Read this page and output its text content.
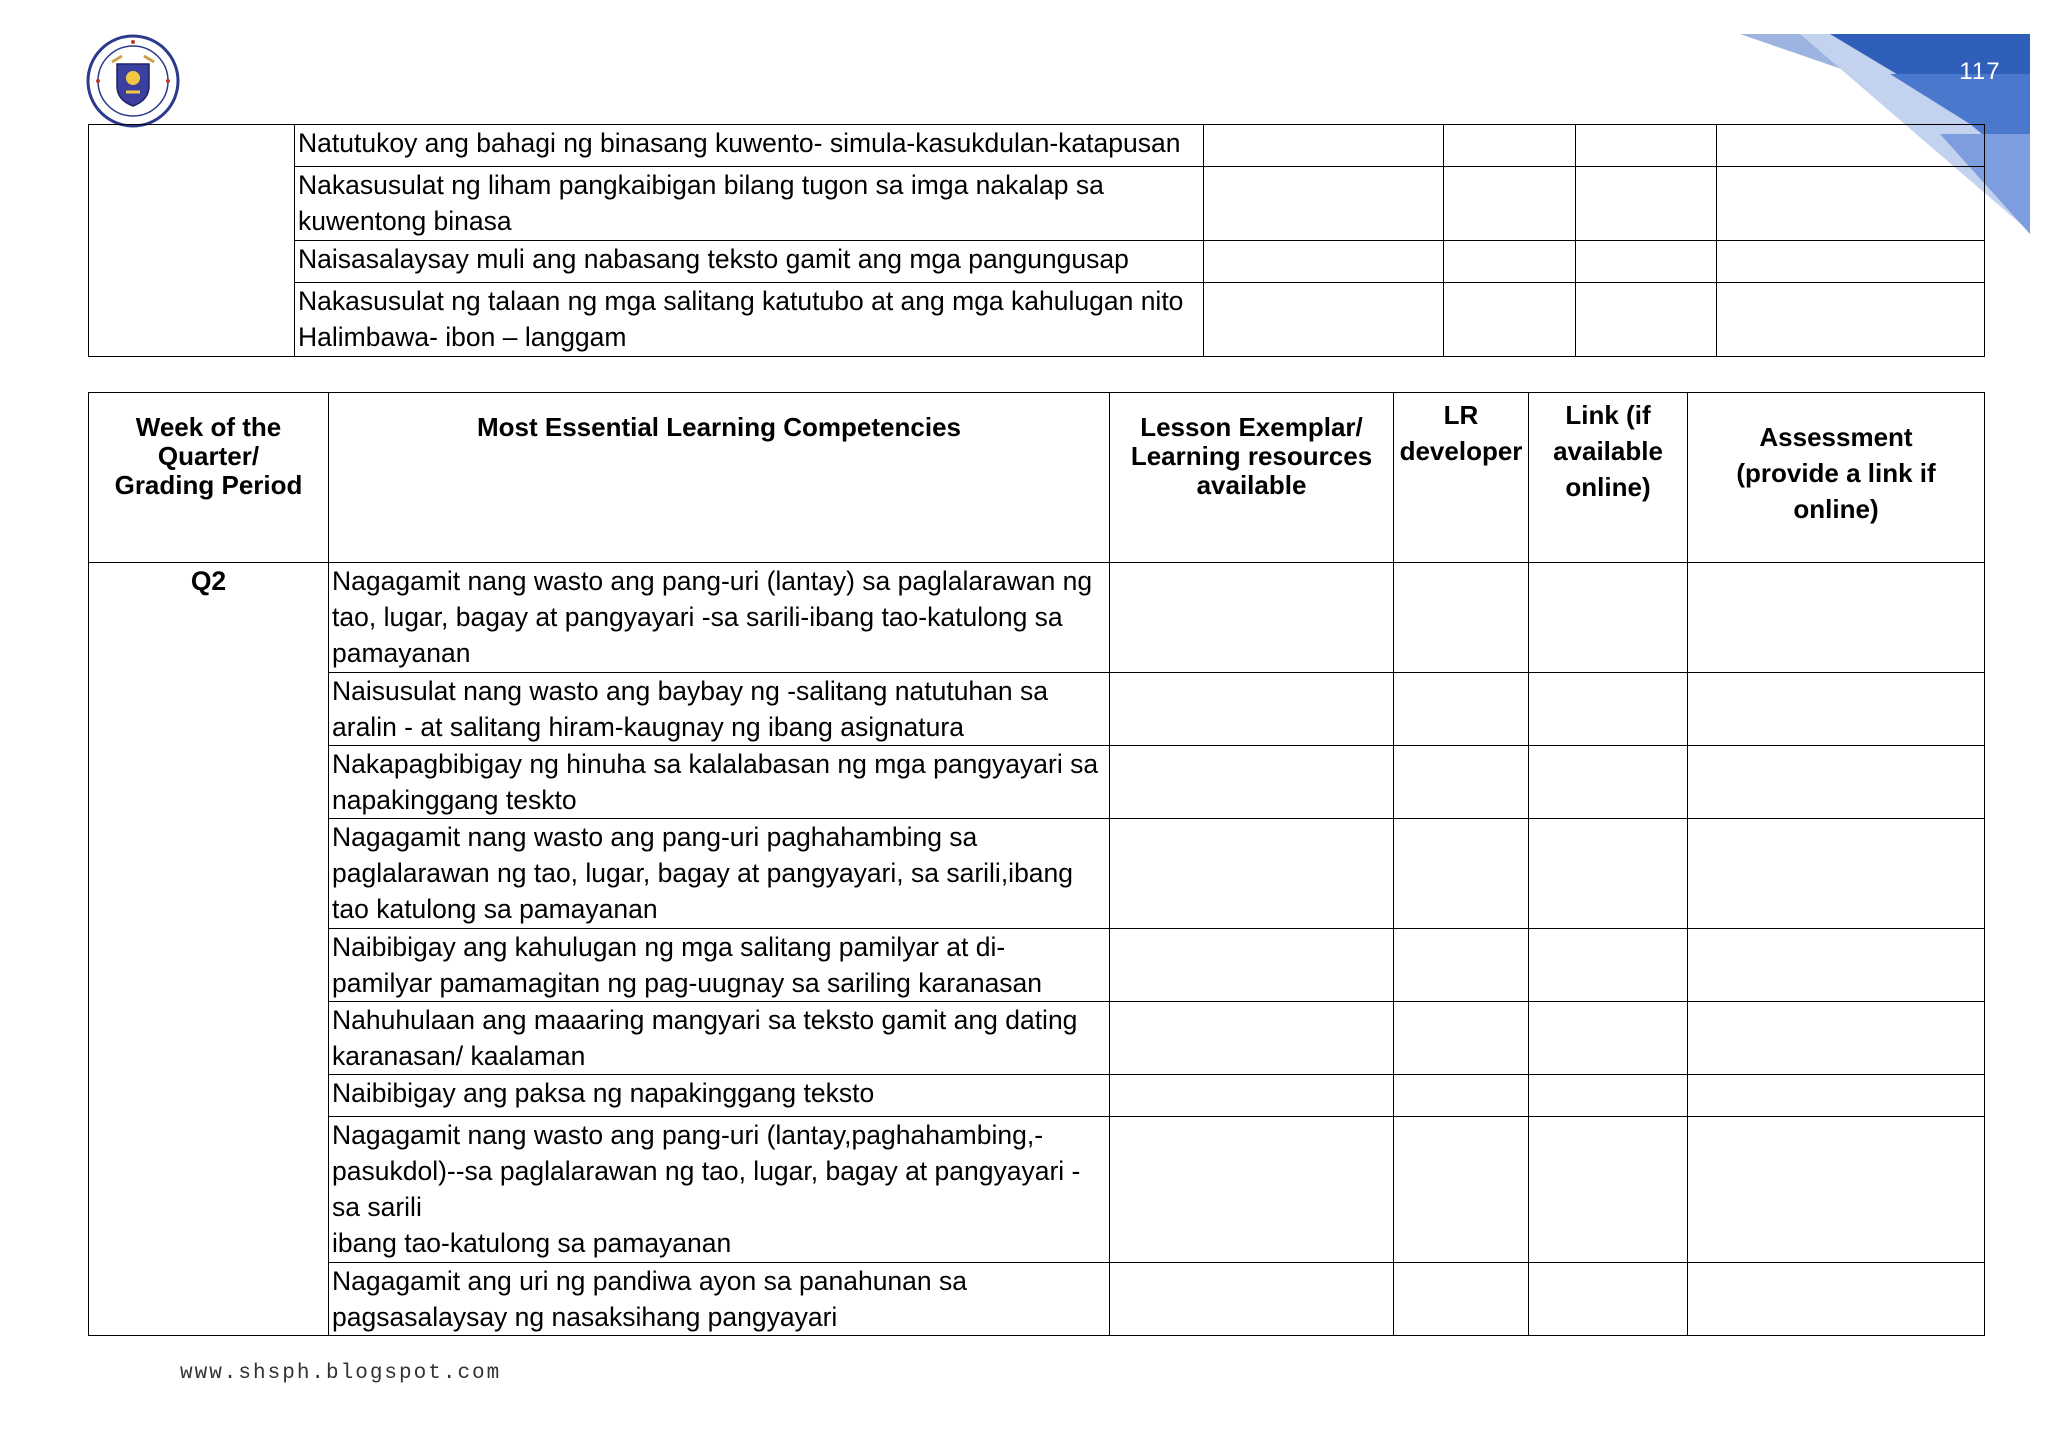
117
	Natutukoy ang bahagi ng binasang kuwento- simula-kasukdulan-katapusan				
	Nakasusulat ng liham pangkaibigan bilang tugon sa imga nakalap sa
kuwentong binasa				
	Naisasalaysay muli ang nabasang teksto gamit ang mga pangungusap				
	Nakasusulat ng talaan ng mga salitang katutubo at ang mga kahulugan nito
Halimbawa- ibon – langgam				
Week of the
Quarter/
Grading Period	Most Essential Learning Competencies	Lesson Exemplar/
Learning resources
available	LR
developer	Link (if
available
online)	Assessment
(provide a link if
online)
Q2	Nagagamit nang wasto ang pang-uri (lantay) sa paglalarawan ng
tao, lugar, bagay at pangyayari -sa sarili-ibang tao-katulong sa
pamayanan				
	Naisusulat nang wasto ang baybay ng -salitang natutuhan sa
aralin - at salitang hiram-kaugnay ng ibang asignatura				
	Nakapagbibigay ng hinuha sa kalalabasan ng mga pangyayari sa
napakinggang teskto				
	Nagagamit nang wasto ang pang-uri paghahambing sa
paglalarawan ng tao, lugar, bagay at pangyayari, sa sarili,ibang
tao katulong sa pamayanan				
	Naibibigay ang kahulugan ng mga salitang pamilyar at di-
pamilyar pamamagitan ng pag-uugnay sa sariling karanasan				
	Nahuhulaan ang maaaring mangyari sa teksto gamit ang dating
karanasan/ kaalaman				
	Naibibigay ang paksa ng napakinggang teksto				
	Nagagamit nang wasto ang pang-uri (lantay,paghahambing,-
pasukdol)--sa paglalarawan ng tao, lugar, bagay at pangyayari -
sa sarili
ibang tao-katulong sa pamayanan				
	Nagagamit ang uri ng pandiwa ayon sa panahunan sa
pagsasalaysay ng nasaksihang pangyayari				
www.shsph.blogspot.com
